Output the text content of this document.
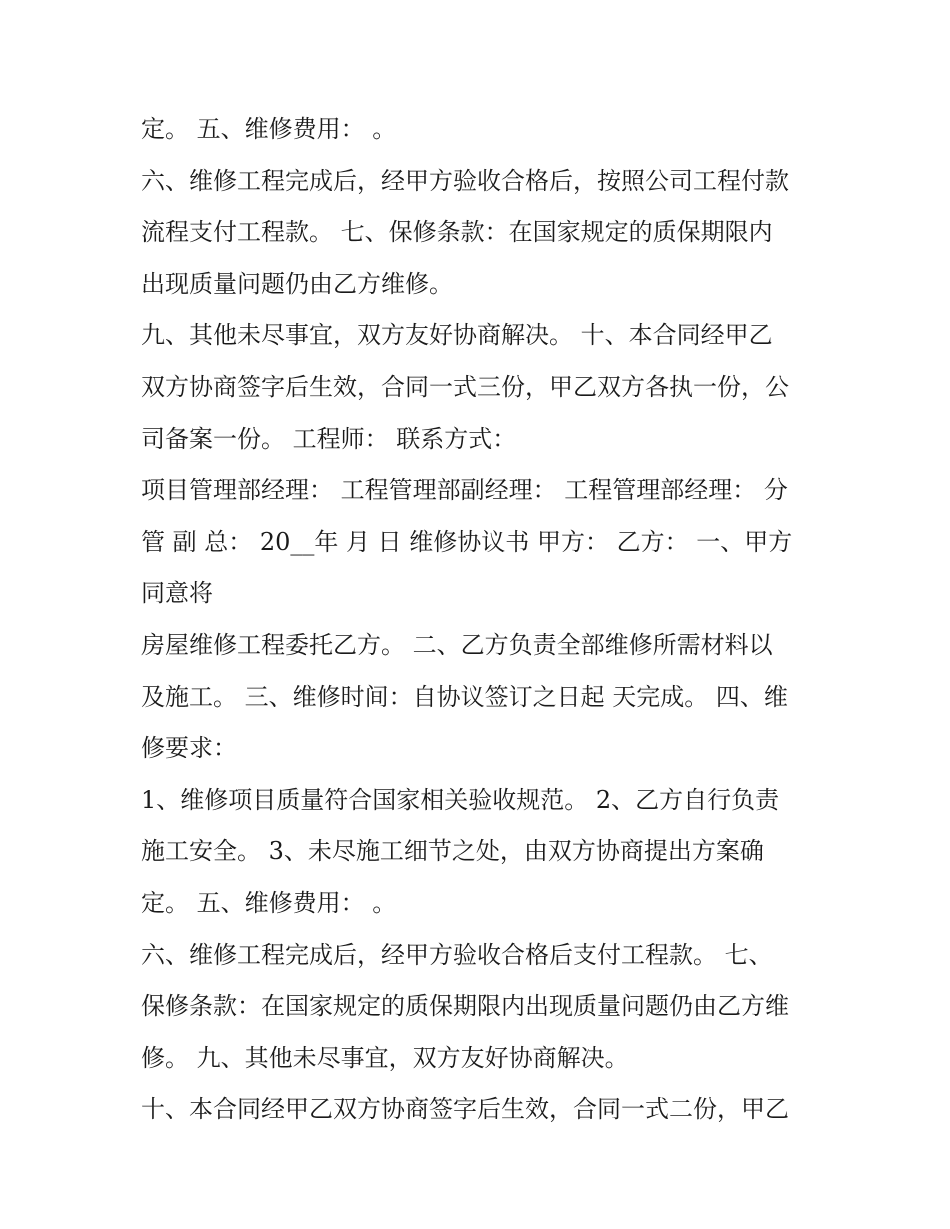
定。 五、维修费用： 。
六、维修工程完成后，经甲方验收合格后，按照公司工程付款
流程支付工程款。 七、保修条款：在国家规定的质保期限内
出现质量问题仍由乙方维修。
九、其他未尽事宜，双方友好协商解决。 十、本合同经甲乙
双方协商签字后生效，合同一式三份，甲乙双方各执一份，公
司备案一份。 工程师： 联系方式：
项目管理部经理： 工程管理部副经理： 工程管理部经理： 分
管 副 总： 20__年 月 日 维修协议书 甲方： 乙方： 一、甲方
同意将
房屋维修工程委托乙方。 二、乙方负责全部维修所需材料以
及施工。 三、维修时间：自协议签订之日起 天完成。 四、维
修要求：
1、维修项目质量符合国家相关验收规范。 2、乙方自行负责
施工安全。 3、未尽施工细节之处，由双方协商提出方案确
定。 五、维修费用： 。
六、维修工程完成后，经甲方验收合格后支付工程款。 七、
保修条款：在国家规定的质保期限内出现质量问题仍由乙方维
修。 九、其他未尽事宜，双方友好协商解决。
十、本合同经甲乙双方协商签字后生效，合同一式二份，甲乙
